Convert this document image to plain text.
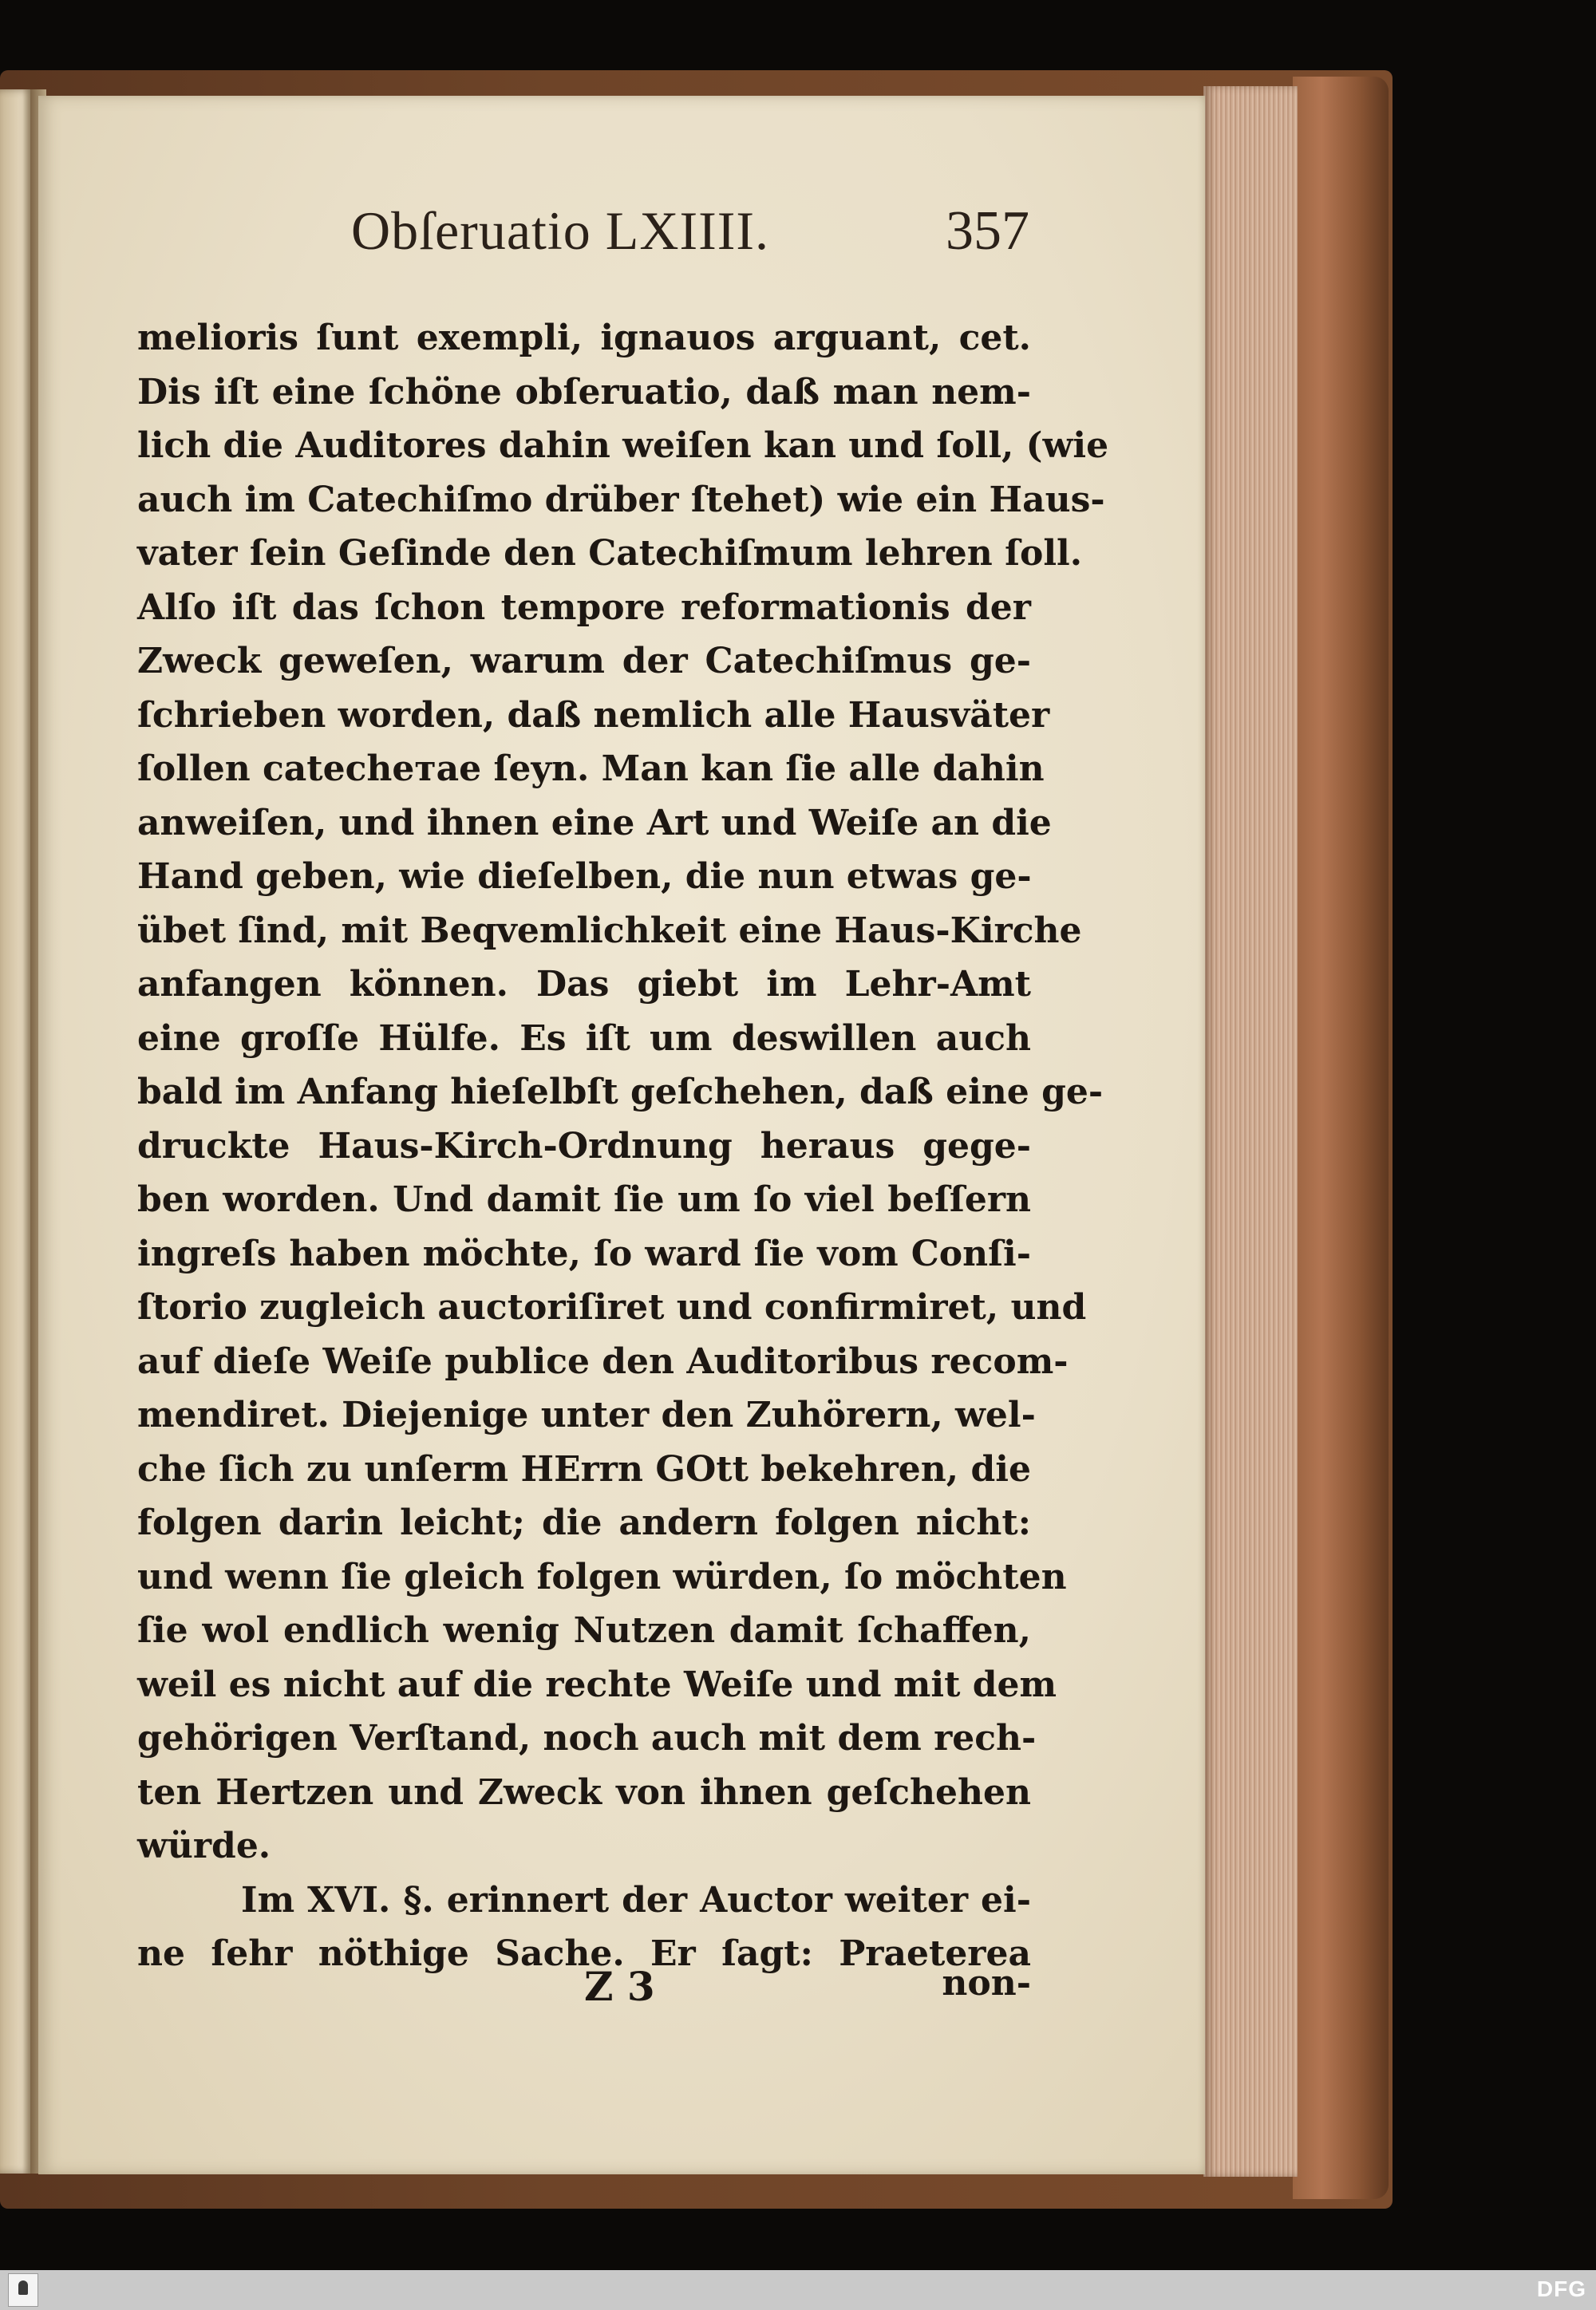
Obſeruatio LXIIII.	357
melioris ſunt exempli, ignauos arguant, cet.
Dis iſt eine ſchöne obſeruatio, daß man nem-
lich die Auditores dahin weiſen kan und ſoll, (wie
auch im Catechiſmo drüber ſtehet) wie ein Haus-
vater ſein Geſinde den Catechiſmum lehren ſoll.
Alſo iſt das ſchon tempore reformationis der
Zweck geweſen, warum der Catechiſmus ge-
ſchrieben worden, daß nemlich alle Hausväter
ſollen catecheтae ſeyn. Man kan ſie alle dahin
anweiſen, und ihnen eine Art und Weiſe an die
Hand geben, wie dieſelben, die nun etwas ge-
übet ſind, mit Beqvemlichkeit eine Haus-Kirche
anfangen können. Das giebt im Lehr-Amt
eine groſſe Hülfe. Es iſt um deswillen auch
bald im Anfang hieſelbſt geſchehen, daß eine ge-
druckte Haus-Kirch-Ordnung heraus gege-
ben worden. Und damit ſie um ſo viel beſſern
ingreſs haben möchte, ſo ward ſie vom Conſi-
ſtorio zugleich auctoriſiret und confirmiret, und
auf dieſe Weiſe publice den Auditoribus recom-
mendiret. Diejenige unter den Zuhörern, wel-
che ſich zu unſerm HErrn GOtt bekehren, die
folgen darin leicht; die andern folgen nicht:
und wenn ſie gleich folgen würden, ſo möchten
ſie wol endlich wenig Nutzen damit ſchaffen,
weil es nicht auf die rechte Weiſe und mit dem
gehörigen Verſtand, noch auch mit dem rech-
ten Hertzen und Zweck von ihnen geſchehen
würde.
Im XVI. §. erinnert der Auctor weiter ei-
ne ſehr nöthige Sache. Er ſagt: Praeterea
Z 3	non-
DFG
